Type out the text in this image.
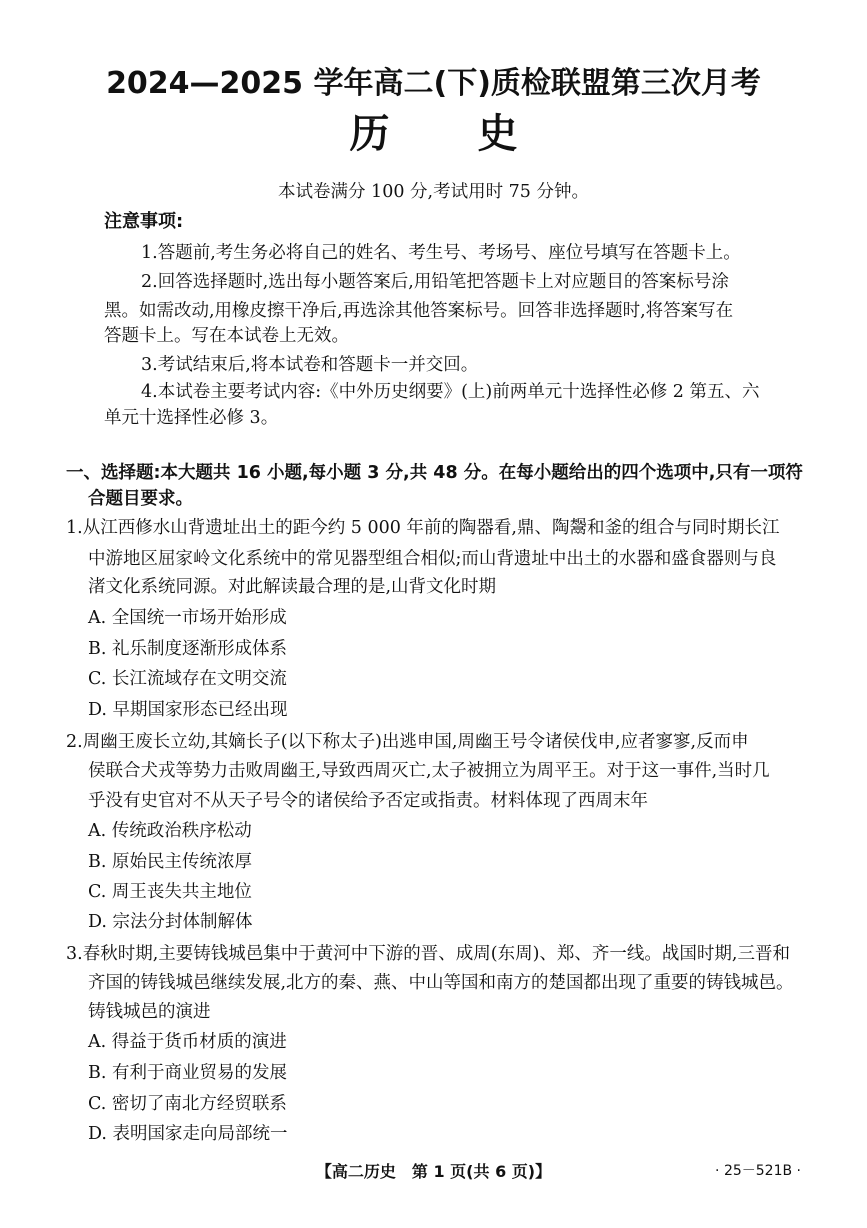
2024—2025 学年高二(下)质检联盟第三次月考
历 史
本试卷满分 100 分,考试用时 75 分钟。
注意事项:
1.答题前,考生务必将自己的姓名、考生号、考场号、座位号填写在答题卡上。
2.回答选择题时,选出每小题答案后,用铅笔把答题卡上对应题目的答案标号涂
黑。如需改动,用橡皮擦干净后,再选涂其他答案标号。回答非选择题时,将答案写在
答题卡上。写在本试卷上无效。
3.考试结束后,将本试卷和答题卡一并交回。
4.本试卷主要考试内容:《中外历史纲要》(上)前两单元十选择性必修 2 第五、六
单元十选择性必修 3。
一、选择题:本大题共 16 小题,每小题 3 分,共 48 分。在每小题给出的四个选项中,只有一项符
合题目要求。
1.从江西修水山背遗址出土的距今约 5 000 年前的陶器看,鼎、陶鬶和釜的组合与同时期长江
中游地区屈家岭文化系统中的常见器型组合相似;而山背遗址中出土的水器和盛食器则与良
渚文化系统同源。对此解读最合理的是,山背文化时期
A. 全国统一市场开始形成
B. 礼乐制度逐渐形成体系
C. 长江流域存在文明交流
D. 早期国家形态已经出现
2.周幽王废长立幼,其嫡长子(以下称太子)出逃申国,周幽王号令诸侯伐申,应者寥寥,反而申
侯联合犬戎等势力击败周幽王,导致西周灭亡,太子被拥立为周平王。对于这一事件,当时几
乎没有史官对不从天子号令的诸侯给予否定或指责。材料体现了西周末年
A. 传统政治秩序松动
B. 原始民主传统浓厚
C. 周王丧失共主地位
D. 宗法分封体制解体
3.春秋时期,主要铸钱城邑集中于黄河中下游的晋、成周(东周)、郑、齐一线。战国时期,三晋和
齐国的铸钱城邑继续发展,北方的秦、燕、中山等国和南方的楚国都出现了重要的铸钱城邑。
铸钱城邑的演进
A. 得益于货币材质的演进
B. 有利于商业贸易的发展
C. 密切了南北方经贸联系
D. 表明国家走向局部统一
【高二历史　第 1 页(共 6 页)】	· 25－521B ·
